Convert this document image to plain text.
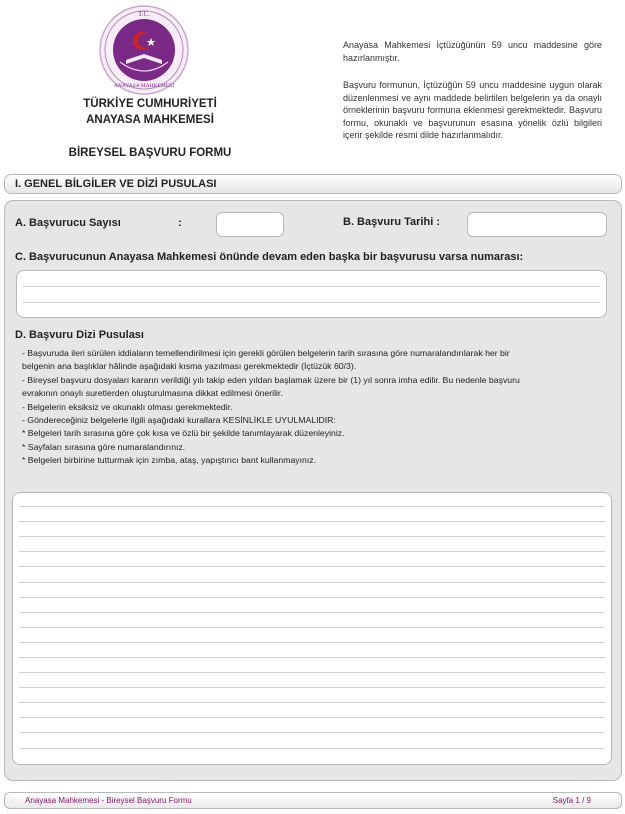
T.C.
ANAYASA MAHKEMESİ
TÜRKİYE CUMHURİYETİ
ANAYASA MAHKEMESİ
BİREYSEL BAŞVURU FORMU
Anayasa Mahkemesi İçtüzüğünün 59 uncu maddesine göre hazırlanmıştır.
Başvuru formunun, İçtüzüğün 59 uncu maddesine uygun olarak düzenlenmesi ve aynı maddede belirtilen belgelerin ya da onaylı örneklerinin başvuru formuna eklenmesi gerekmektedir. Başvuru formu, okunaklı ve başvurunun esasına yönelik özlü bilgileri içerir şekilde resmi dilde hazırlanmalıdır.
I. GENEL BİLGİLER VE DİZİ PUSULASI
A. Başvurucu Sayısı	:	B. Başvuru Tarihi :
C. Başvurucunun Anayasa Mahkemesi önünde devam eden başka bir başvurusu varsa numarası:
D. Başvuru Dizi Pusulası
- Başvuruda ileri sürülen iddiaların temellendirilmesi için gerekli görülen belgelerin tarih sırasına göre numaralandırılarak her bir
belgenin ana başlıklar hâlinde aşağıdaki kısma yazılması gerekmektedir (İçtüzük 60/3).
- Bireysel başvuru dosyaları kararın verildiği yılı takip eden yıldan başlamak üzere bir (1) yıl sonra imha edilir. Bu nedenle başvuru
evrakının onaylı suretlerden oluşturulmasına dikkat edilmesi önerilir.
- Belgelerin eksiksiz ve okunaklı olması gerekmektedir.
- Göndereceğiniz belgelerle ilgili aşağıdaki kurallara KESİNLİKLE UYULMALIDIR:
* Belgeleri tarih sırasına göre çok kısa ve özlü bir şekilde tanımlayarak düzenleyiniz.
* Sayfaları sırasına göre numaralandırınız.
* Belgeleri birbirine tutturmak için zımba, ataş, yapıştırıcı bant kullanmayınız.
Anayasa Mahkemesi - Bireysel Başvuru Formu	Sayfa 1 / 9
